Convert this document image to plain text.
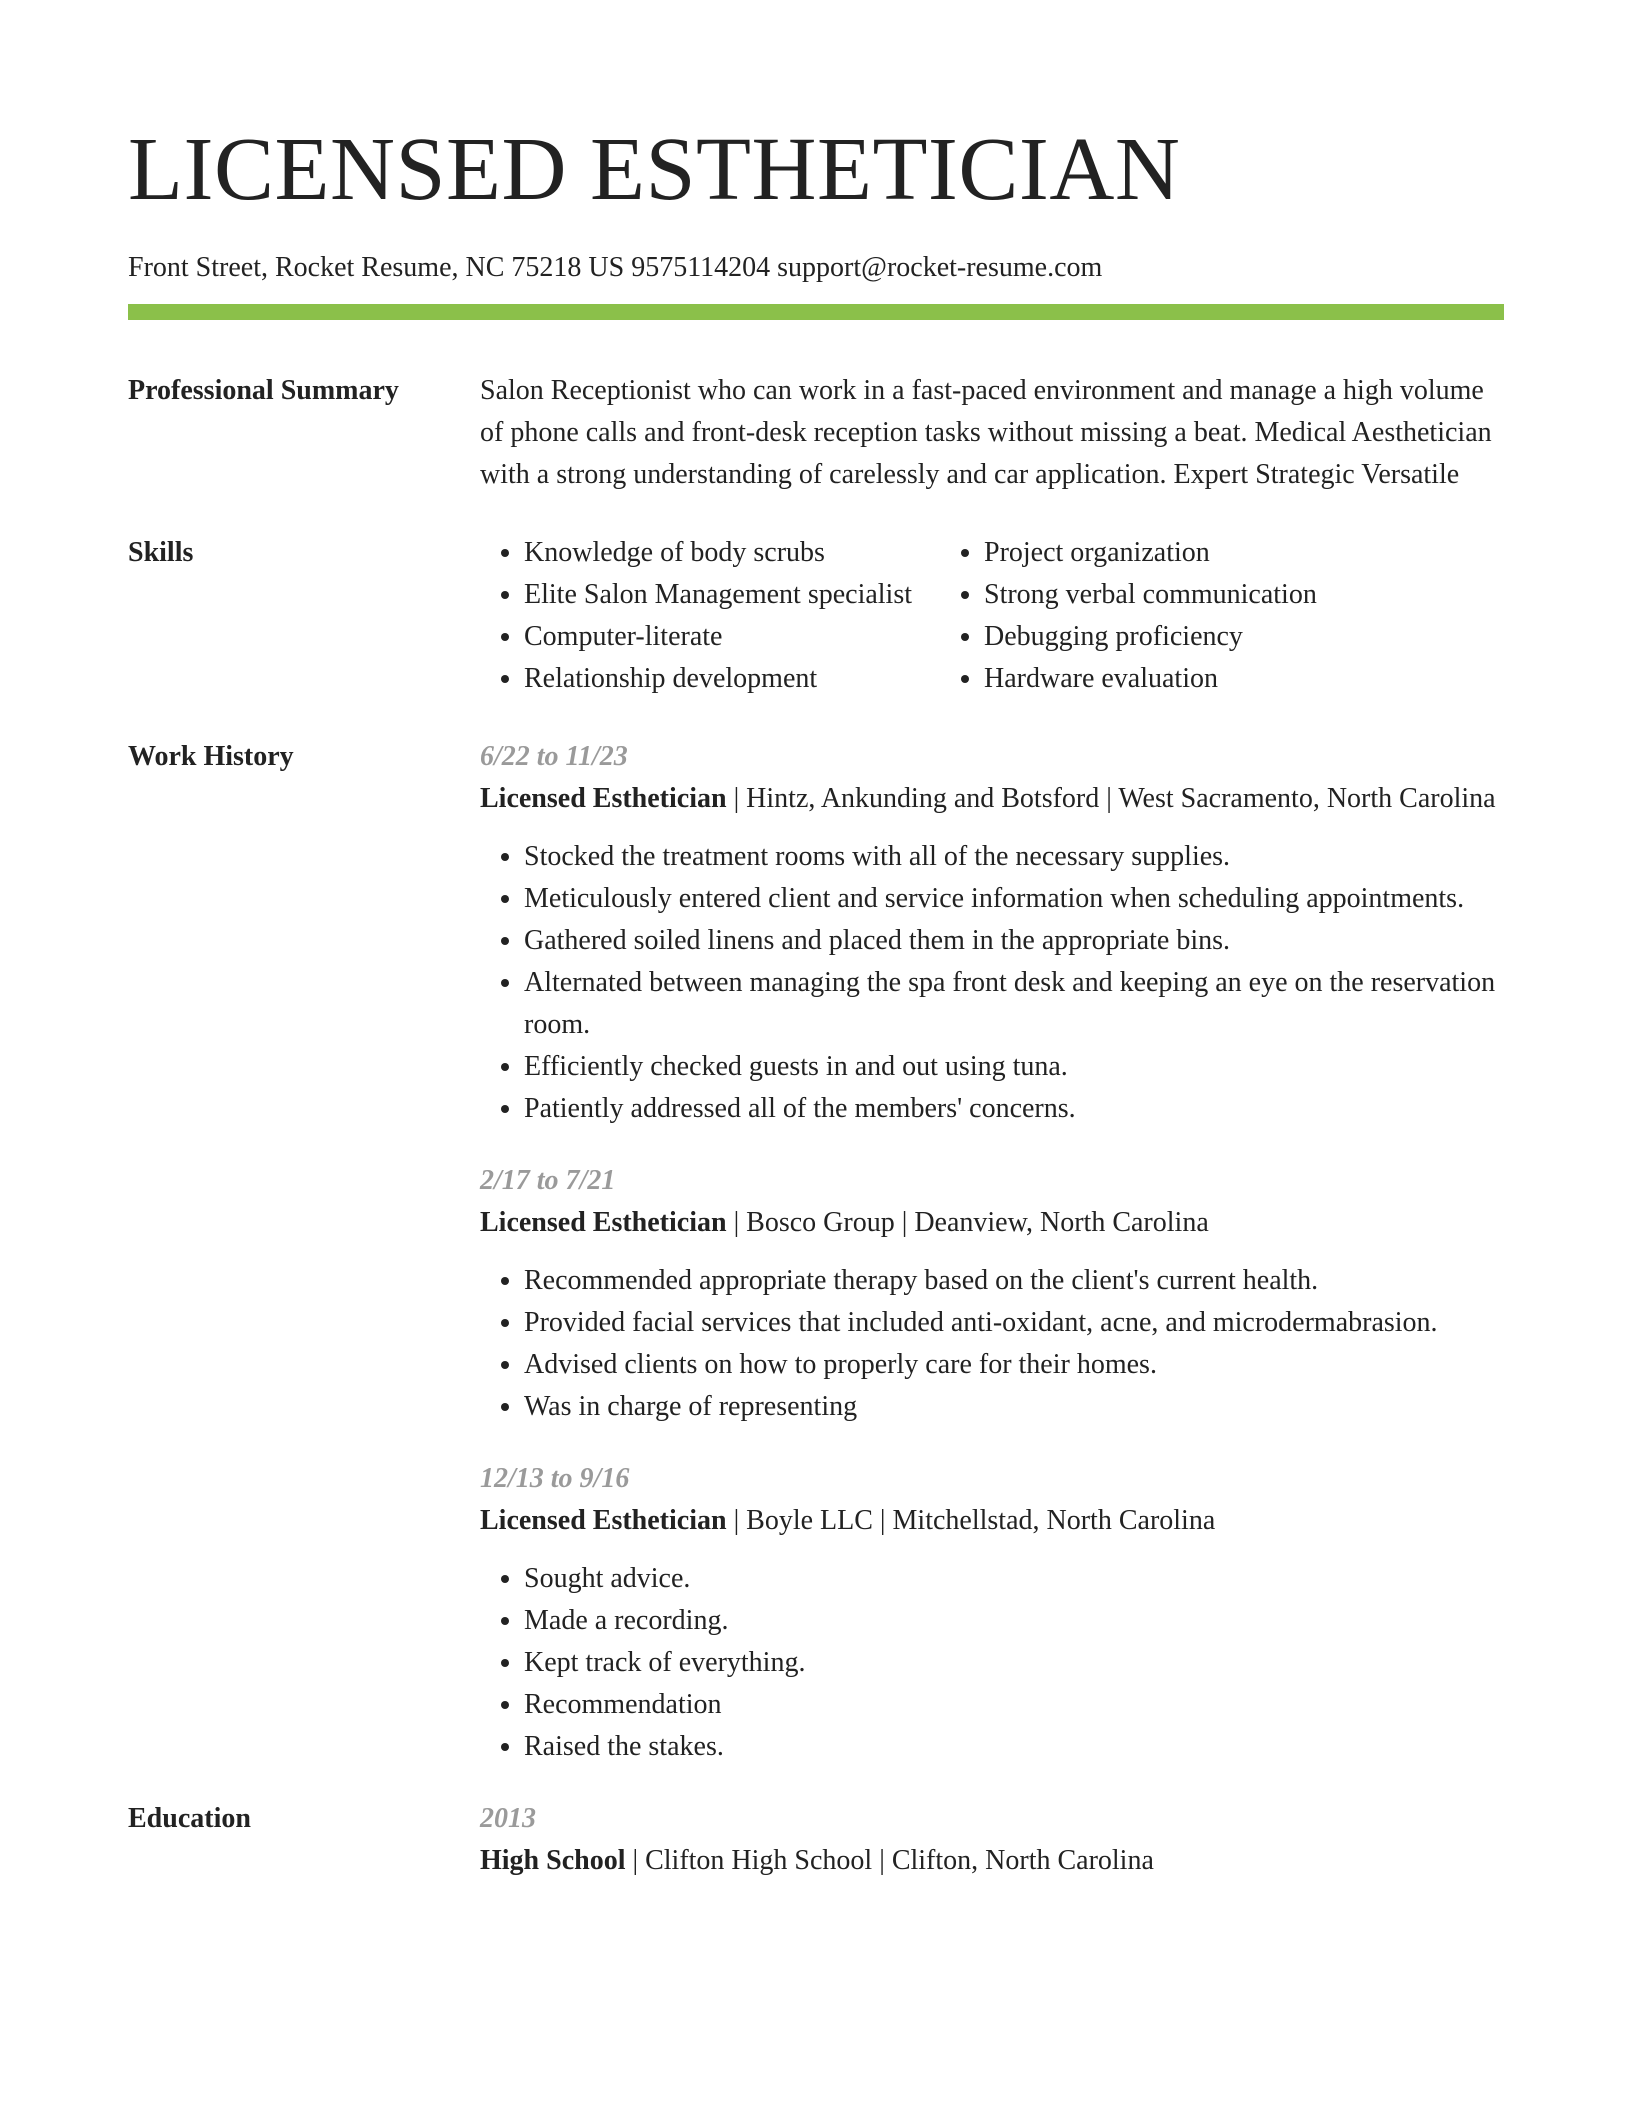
LICENSED ESTHETICIAN
Front Street, Rocket Resume, NC 75218 US 9575114204 support@rocket-resume.com
Professional Summary	Salon Receptionist who can work in a fast-paced environment and manage a high volume of phone calls and front-desk reception tasks without missing a beat. Medical Aesthetician with a strong understanding of carelessly and car application. Expert Strategic Versatile
Skills
•	Knowledge of body scrubs
• Elite Salon Management specialist
• Computer-literate
• Relationship development
• Project organization
• Strong verbal communication
• Debugging proficiency
• Hardware evaluation
Work History	6/22 to 11/23
Licensed Esthetician | Hintz, Ankunding and Botsford | West Sacramento, North Carolina
• Stocked the treatment rooms with all of the necessary supplies.
• Meticulously entered client and service information when scheduling appointments.
• Gathered soiled linens and placed them in the appropriate bins.
• Alternated between managing the spa front desk and keeping an eye on the reservation room.
• Efficiently checked guests in and out using tuna.
• Patiently addressed all of the members' concerns.
2/17 to 7/21
Licensed Esthetician | Bosco Group | Deanview, North Carolina
• Recommended appropriate therapy based on the client's current health.
• Provided facial services that included anti-oxidant, acne, and microdermabrasion.
• Advised clients on how to properly care for their homes.
• Was in charge of representing
12/13 to 9/16
Licensed Esthetician | Boyle LLC | Mitchellstad, North Carolina
• Sought advice.
• Made a recording.
• Kept track of everything.
• Recommendation
• Raised the stakes.
Education	2013
High School | Clifton High School | Clifton, North Carolina
